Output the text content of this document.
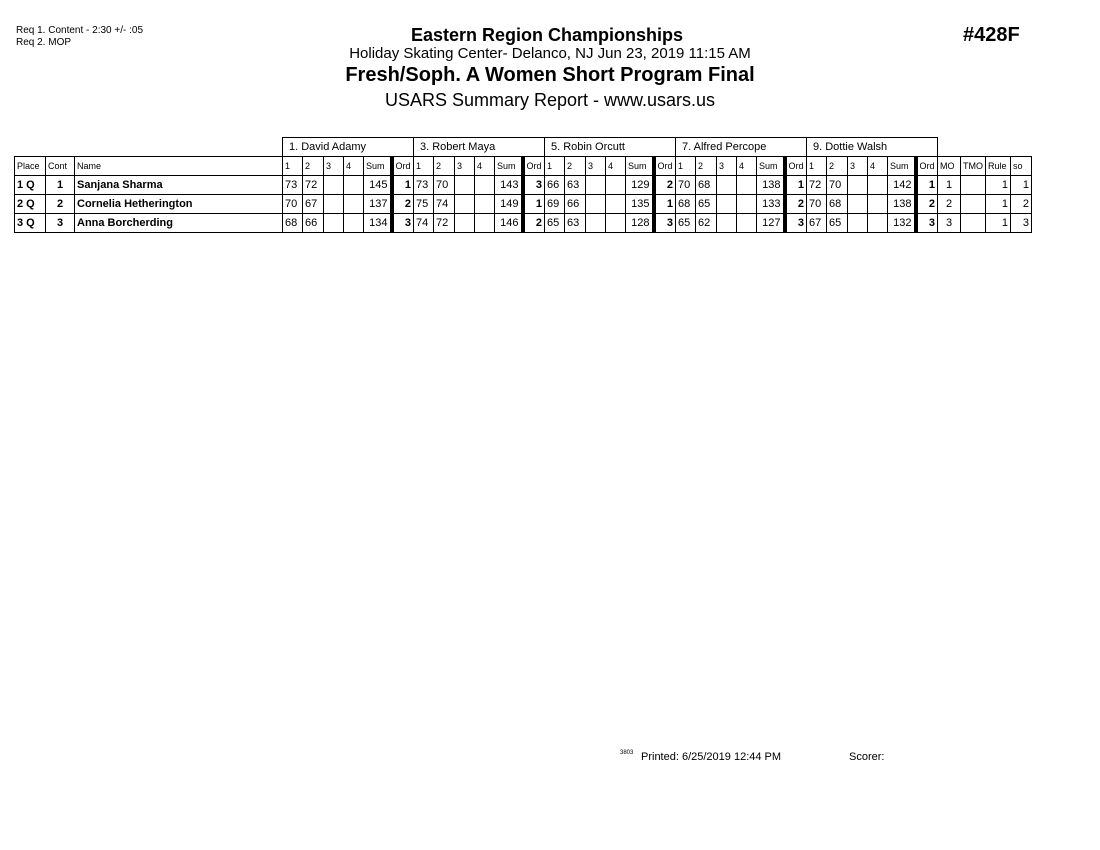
Req 1. Content - 2:30 +/- :05
Req 2. MOP	Eastern Region Championships
Holiday Skating Center- Delanco, NJ Jun 23, 2019 11:15 AM
Fresh/Soph. A Women Short Program Final
USARS Summary Report - www.usars.us
#428F
			1. David Adamy						3. Robert Maya						5. Robin Orcutt						7. Alfred Percope						9. Dottie Walsh									
Place	Cont	Name	1	2	3	4	Sum	Ord	1	2	3	4	Sum	Ord	1	2	3	4	Sum	Ord	1	2	3	4	Sum	Ord	1	2	3	4	Sum	Ord	MO	TMO	Rule	so
1 Q	1	Sanjana Sharma	73	72			145	1	73	70			143	3	66	63			129	2	70	68			138	1	72	70			142	1	1		1	1
2 Q	2	Cornelia Hetherington	70	67			137	2	75	74			149	1	69	66			135	1	68	65			133	2	70	68			138	2	2		1	2
3 Q	3	Anna Borcherding	68	66			134	3	74	72			146	2	65	63			128	3	65	62			127	3	67	65			132	3	3		1	3
3803 Printed: 6/25/2019 12:44 PM	Scorer:
